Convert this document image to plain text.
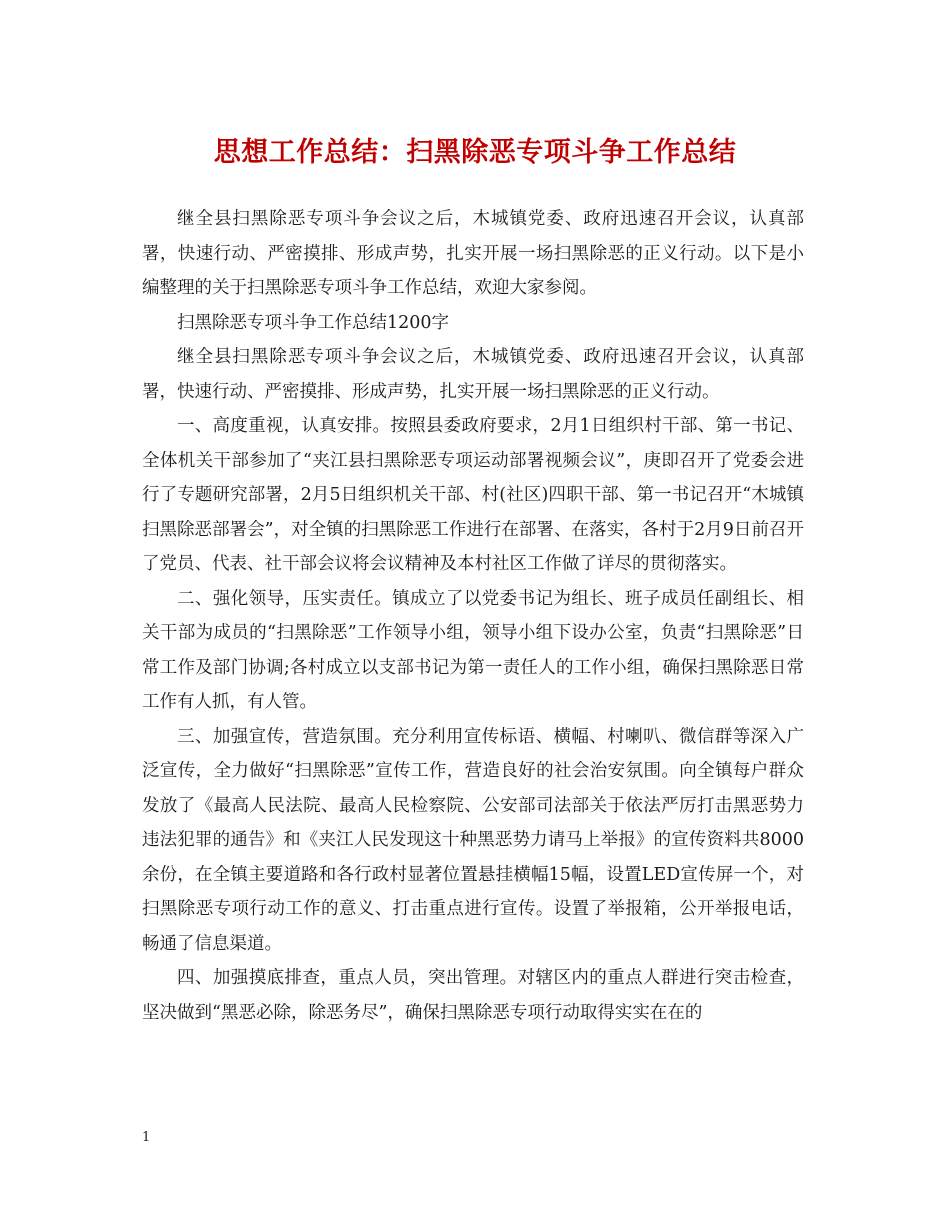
思想工作总结：扫黑除恶专项斗争工作总结

继全县扫黑除恶专项斗争会议之后，木城镇党委、政府迅速召开会议，认真部署，快速行动、严密摸排、形成声势，扎实开展一场扫黑除恶的正义行动。以下是小编整理的关于扫黑除恶专项斗争工作总结，欢迎大家参阅。

扫黑除恶专项斗争工作总结1200字

继全县扫黑除恶专项斗争会议之后，木城镇党委、政府迅速召开会议，认真部署，快速行动、严密摸排、形成声势，扎实开展一场扫黑除恶的正义行动。

一、高度重视，认真安排。按照县委政府要求，2月1日组织村干部、第一书记、全体机关干部参加了“夹江县扫黑除恶专项运动部署视频会议”，庚即召开了党委会进行了专题研究部署，2月5日组织机关干部、村(社区)四职干部、第一书记召开“木城镇扫黑除恶部署会”，对全镇的扫黑除恶工作进行在部署、在落实，各村于2月9日前召开了党员、代表、社干部会议将会议精神及本村社区工作做了详尽的贯彻落实。

二、强化领导，压实责任。镇成立了以党委书记为组长、班子成员任副组长、相关干部为成员的“扫黑除恶”工作领导小组，领导小组下设办公室，负责“扫黑除恶”日常工作及部门协调;各村成立以支部书记为第一责任人的工作小组，确保扫黑除恶日常工作有人抓，有人管。

三、加强宣传，营造氛围。充分利用宣传标语、横幅、村喇叭、微信群等深入广泛宣传，全力做好“扫黑除恶”宣传工作，营造良好的社会治安氛围。向全镇每户群众发放了《最高人民法院、最高人民检察院、公安部司法部关于依法严厉打击黑恶势力违法犯罪的通告》和《夹江人民发现这十种黑恶势力请马上举报》的宣传资料共8000余份，在全镇主要道路和各行政村显著位置悬挂横幅15幅，设置LED宣传屏一个，对扫黑除恶专项行动工作的意义、打击重点进行宣传。设置了举报箱，公开举报电话，畅通了信息渠道。

四、加强摸底排查，重点人员，突出管理。对辖区内的重点人群进行突击检查，坚决做到“黑恶必除，除恶务尽”，确保扫黑除恶专项行动取得实实在在的

1
